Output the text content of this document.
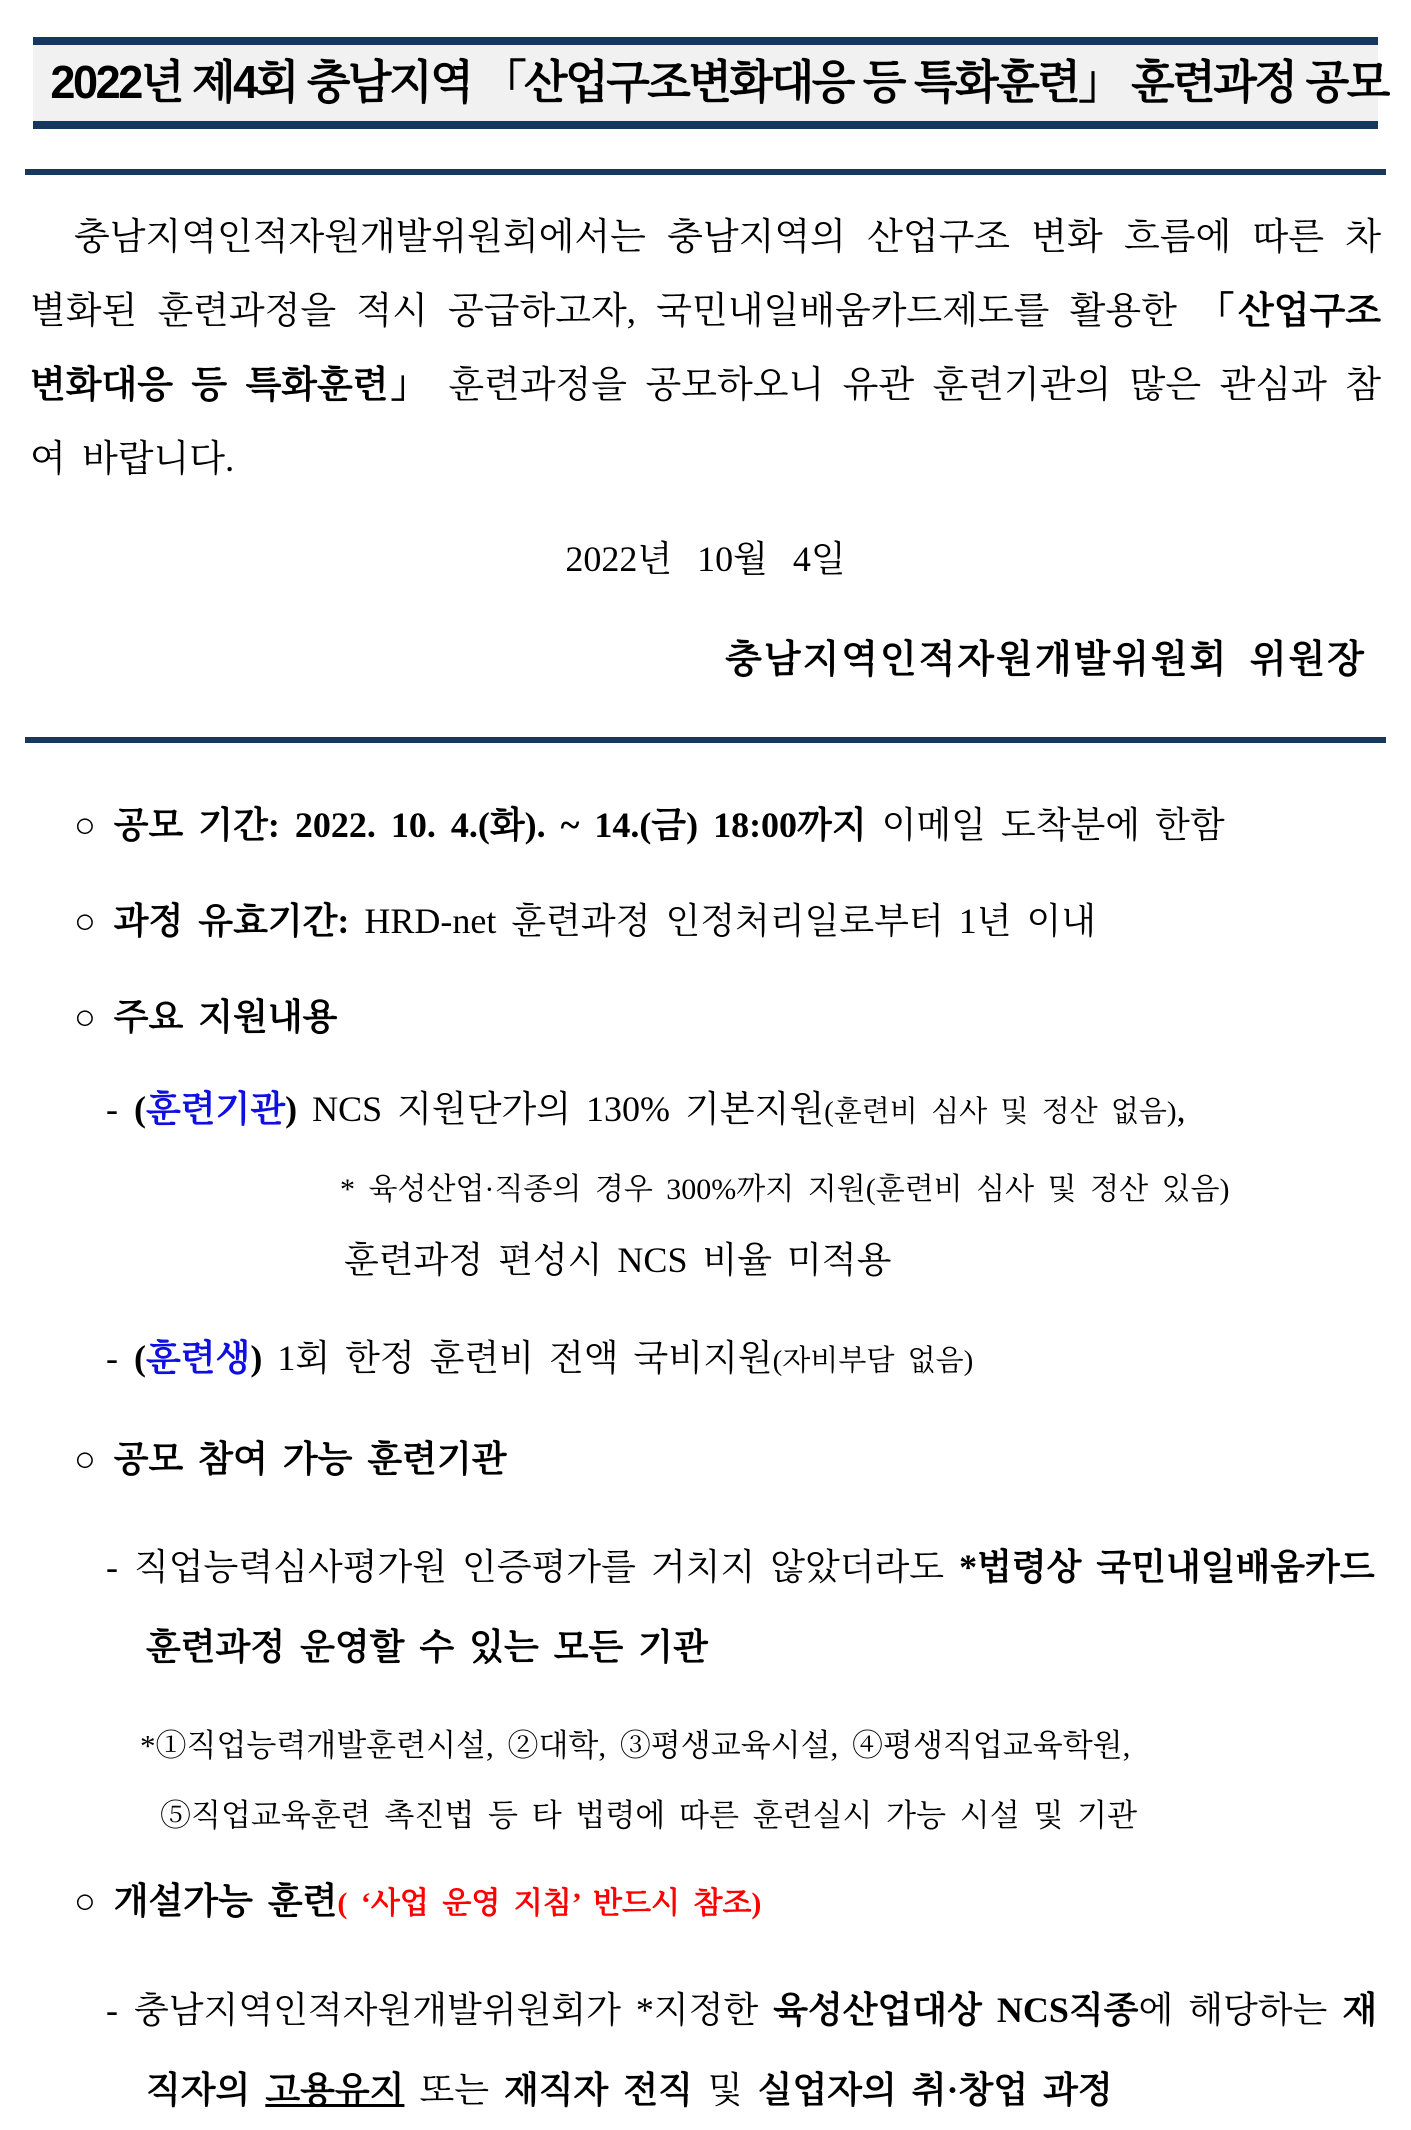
2022년 제4회 충남지역 「산업구조변화대응 등 특화훈련」 훈련과정 공모

충남지역인적자원개발위원회에서는 충남지역의 산업구조 변화 흐름에 따른 차별화된 훈련과정을 적시 공급하고자, 국민내일배움카드제도를 활용한 「산업구조변화대응 등 특화훈련」 훈련과정을 공모하오니 유관 훈련기관의 많은 관심과 참여 바랍니다.

2022년 10월 4일
충남지역인적자원개발위원회 위원장
○ 공모 기간: 2022. 10. 4.(화). ~ 14.(금) 18:00까지 이메일 도착분에 한함
○ 과정 유효기간: HRD-net 훈련과정 인정처리일로부터 1년 이내
○ 주요 지원내용
- (훈련기관) NCS 지원단가의 130% 기본지원(훈련비 심사 및 정산 없음),
* 육성산업·직종의 경우 300%까지 지원(훈련비 심사 및 정산 있음)
훈련과정 편성시 NCS 비율 미적용
- (훈련생) 1회 한정 훈련비 전액 국비지원(자비부담 없음)
○ 공모 참여 가능 훈련기관
- 직업능력심사평가원 인증평가를 거치지 않았더라도 *법령상 국민내일배움카드 훈련과정 운영할 수 있는 모든 기관
*①직업능력개발훈련시설, ②대학, ③평생교육시설, ④평생직업교육학원,
⑤직업교육훈련 촉진법 등 타 법령에 따른 훈련실시 가능 시설 및 기관
○ 개설가능 훈련( ‘사업 운영 지침’ 반드시 참조)
- 충남지역인적자원개발위원회가 *지정한 육성산업대상 NCS직종에 해당하는 재직자의 고용유지 또는 재직자 전직 및 실업자의 취·창업 과정
